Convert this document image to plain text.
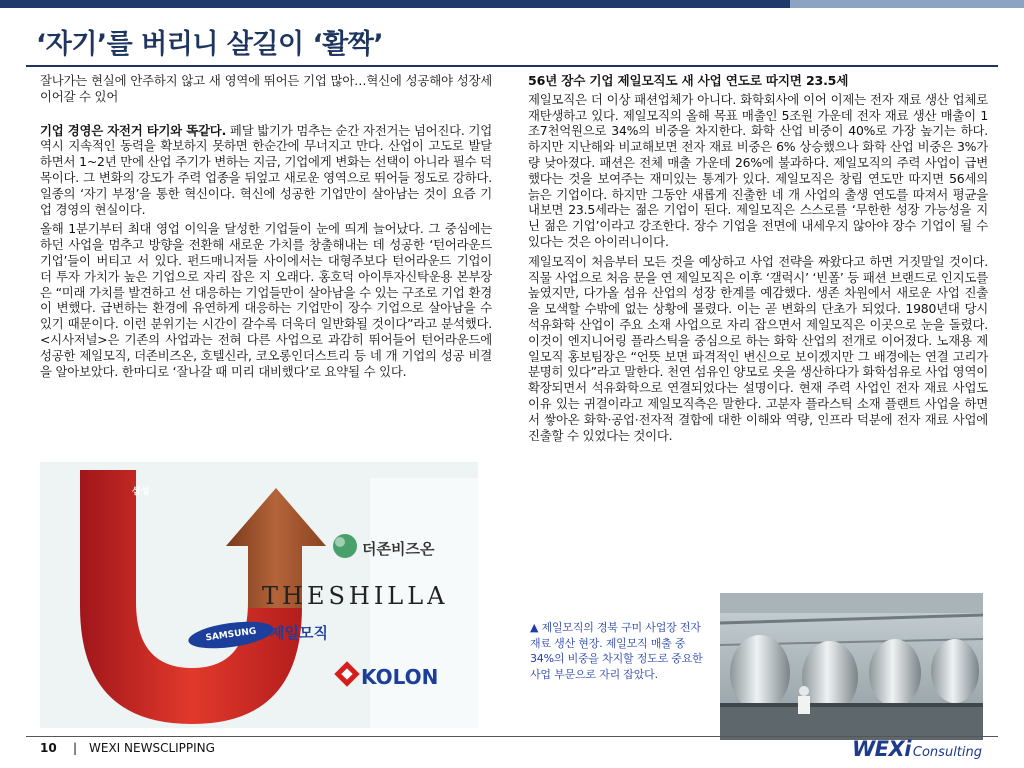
‘자기’를 버리니 살길이 ‘활짝’

잘나가는 현실에 안주하지 않고 새 영역에 뛰어든 기업 많아…혁신에 성공해야 성장세 이어갈 수 있어

기업 경영은 자전거 타기와 똑같다. 페달 밟기가 멈추는 순간 자전거는 넘어진다. 기업 역시 지속적인 동력을 확보하지 못하면 한순간에 무너지고 만다. 산업이 고도로 발달하면서 1~2년 만에 산업 주기가 변하는 지금, 기업에게 변화는 선택이 아니라 필수 덕목이다. 그 변화의 강도가 주력 업종을 뒤엎고 새로운 영역으로 뛰어들 정도로 강하다. 일종의 ‘자기 부정’을 통한 혁신이다. 혁신에 성공한 기업만이 살아남는 것이 요즘 기업 경영의 현실이다.

올해 1분기부터 최대 영업 이익을 달성한 기업들이 눈에 띄게 늘어났다. 그 중심에는 하던 사업을 멈추고 방향을 전환해 새로운 가치를 창출해내는 데 성공한 ‘턴어라운드 기업’들이 버티고 서 있다. 펀드매니저들 사이에서는 대형주보다 턴어라운드 기업이 더 투자 가치가 높은 기업으로 자리 잡은 지 오래다. 홍호덕 아이투자신탁운용 본부장은 “미래 가치를 발견하고 선 대응하는 기업들만이 살아남을 수 있는 구조로 기업 환경이 변했다. 급변하는 환경에 유연하게 대응하는 기업만이 장수 기업으로 살아남을 수 있기 때문이다. 이런 분위기는 시간이 갈수록 더욱더 일반화될 것이다”라고 분석했다. <시사저널>은 기존의 사업과는 전혀 다른 사업으로 과감히 뛰어들어 턴어라운드에 성공한 제일모직, 더존비즈온, 호텔신라, 코오롱인더스트리 등 네 개 기업의 성공 비결을 알아보았다. 한마디로 ‘잘나갈 때 미리 대비했다’로 요약될 수 있다.

삼성
더존비즈온
THESHILLA
SAMSUNG 제일모직
KOLON

56년 장수 기업 제일모직도 새 사업 연도로 따지면 23.5세

제일모직은 더 이상 패션업체가 아니다. 화학회사에 이어 이제는 전자 재료 생산 업체로 재탄생하고 있다. 제일모직의 올해 목표 매출인 5조원 가운데 전자 재료 생산 매출이 1조7천억원으로 34%의 비중을 차지한다. 화학 산업 비중이 40%로 가장 높기는 하다. 하지만 지난해와 비교해보면 전자 재료 비중은 6% 상승했으나 화학 산업 비중은 3%가량 낮아졌다. 패션은 전체 매출 가운데 26%에 불과하다. 제일모직의 주력 사업이 급변했다는 것을 보여주는 재미있는 통계가 있다. 제일모직은 창립 연도만 따지면 56세의 늙은 기업이다. 하지만 그동안 새롭게 진출한 네 개 사업의 출생 연도를 따져서 평균을 내보면 23.5세라는 젊은 기업이 된다. 제일모직은 스스로를 ‘무한한 성장 가능성을 지닌 젊은 기업’이라고 강조한다. 장수 기업을 전면에 내세우지 않아야 장수 기업이 될 수 있다는 것은 아이러니이다.

제일모직이 처음부터 모든 것을 예상하고 사업 전략을 짜왔다고 하면 거짓말일 것이다. 직물 사업으로 처음 문을 연 제일모직은 이후 ‘갤럭시’ ‘빈폴’ 등 패션 브랜드로 인지도를 높였지만, 다가올 섬유 산업의 성장 한계를 예감했다. 생존 차원에서 새로운 사업 진출을 모색할 수밖에 없는 상황에 몰렸다. 이는 곧 변화의 단초가 되었다. 1980년대 당시 석유화학 산업이 주요 소재 사업으로 자리 잡으면서 제일모직은 이곳으로 눈을 돌렸다. 이것이 엔지니어링 플라스틱을 중심으로 하는 화학 산업의 전개로 이어졌다. 노재용 제일모직 홍보팀장은 “언뜻 보면 파격적인 변신으로 보이겠지만 그 배경에는 연결 고리가 분명히 있다”라고 말한다. 천연 섬유인 양모로 옷을 생산하다가 화학섬유로 사업 영역이 확장되면서 석유화학으로 연결되었다는 설명이다. 현재 주력 사업인 전자 재료 사업도 이유 있는 귀결이라고 제일모직측은 말한다. 고분자 플라스틱 소재 플랜트 사업을 하면서 쌓아온 화학·공업·전자적 결합에 대한 이해와 역량, 인프라 덕분에 전자 재료 사업에 진출할 수 있었다는 것이다.

▲ 제일모직의 경북 구미 사업장 전자재료 생산 현장. 제일모직 매출 중 34%의 비중을 차지할 정도로 중요한 사업 부문으로 자리 잡았다.
10 | WEXI NEWSCLIPPING	WEXi Consulting
